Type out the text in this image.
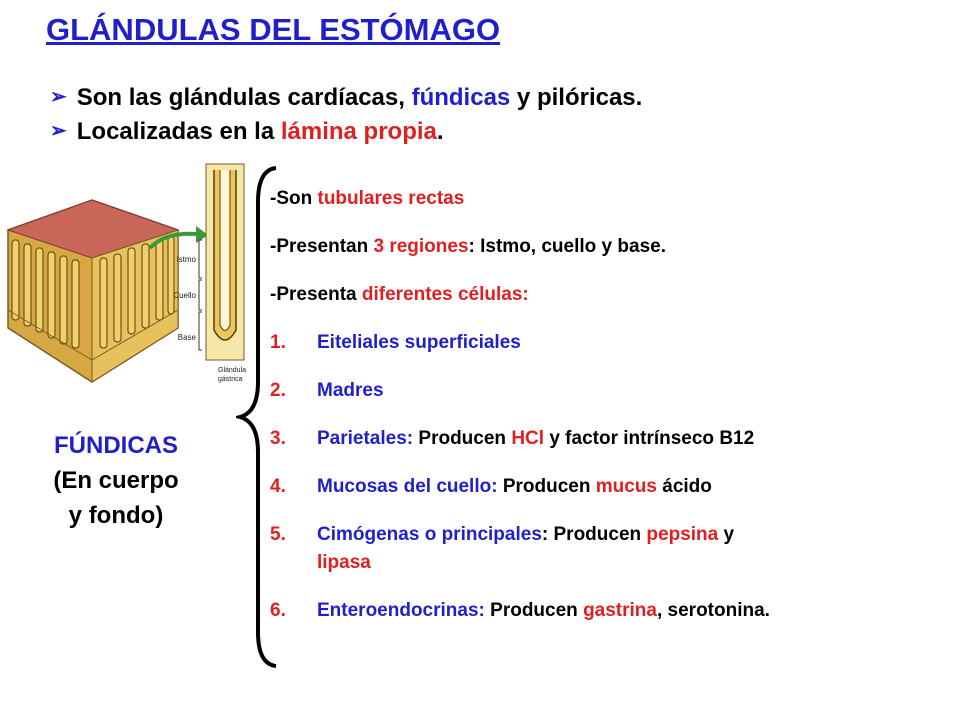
GLÁNDULAS DEL ESTÓMAGO
➢ Son las glándulas cardíacas, fúndicas y pilóricas.
➢ Localizadas en la lámina propia.
Istmo
Cuello
Base
Glándula
gástrica
FÚNDICAS
(En cuerpo
y fondo)
-Son tubulares rectas
-Presentan 3 regiones: Istmo, cuello y base.
-Presenta diferentes células:
1. Eiteliales superficiales
2. Madres
3. Parietales: Producen HCl y factor intrínseco B12
4. Mucosas del cuello: Producen mucus ácido
5. Cimógenas o principales: Producen pepsina y
lipasa
6. Enteroendocrinas: Producen gastrina, serotonina.
